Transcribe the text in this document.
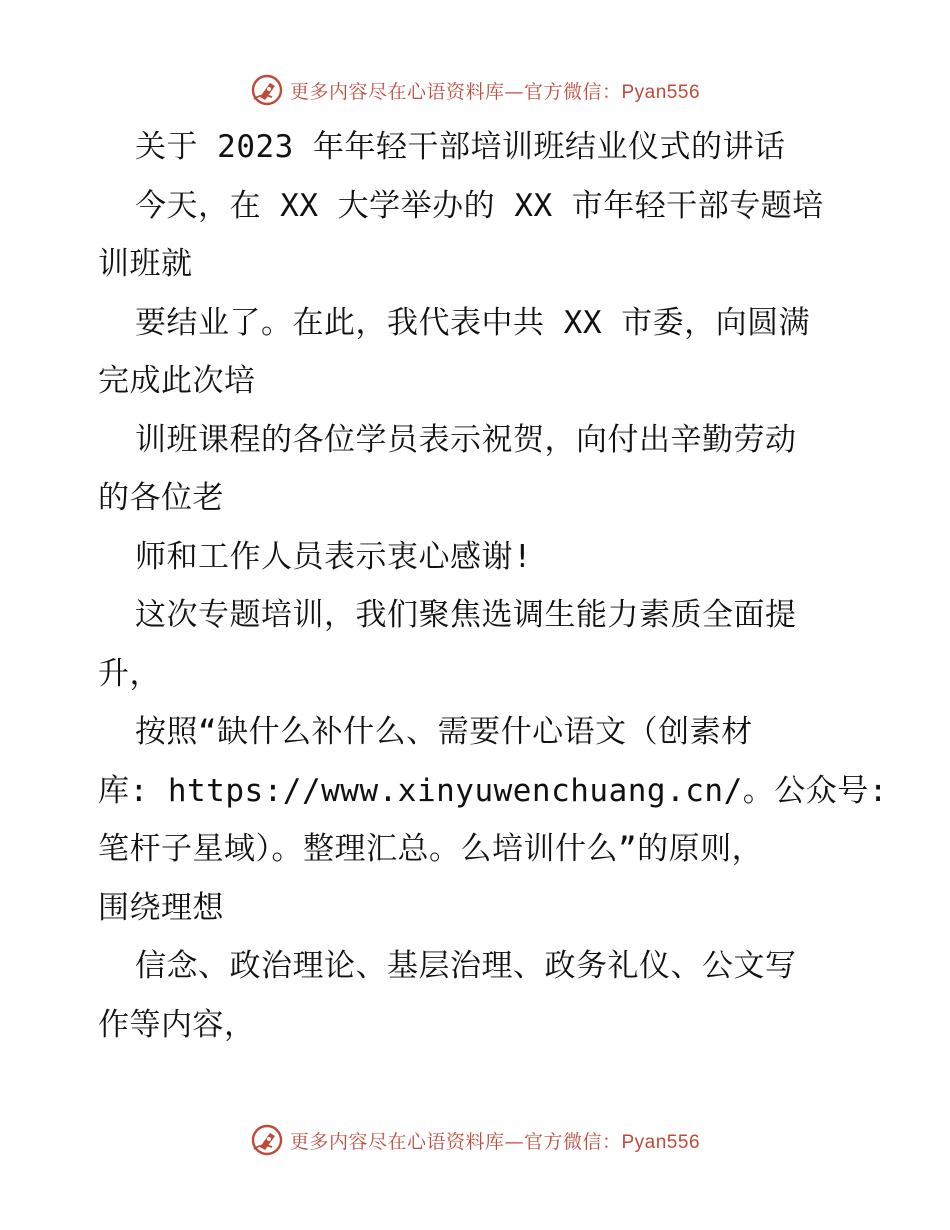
更多内容尽在心语资料库—官方微信：Pyan556
关于 2023 年年轻干部培训班结业仪式的讲话
今天，在 XX 大学举办的 XX 市年轻干部专题培
训班就
要结业了。在此，我代表中共 XX 市委，向圆满
完成此次培
训班课程的各位学员表示祝贺，向付出辛勤劳动
的各位老
师和工作人员表示衷心感谢!
这次专题培训，我们聚焦选调生能力素质全面提
升，
按照“缺什么补什么、需要什心语文（创素材
库: https://www.xinyuwenchuang.cn/。公众号:
笔杆子星域）。整理汇总。么培训什么”的原则，
围绕理想
信念、政治理论、基层治理、政务礼仪、公文写
作等内容，
更多内容尽在心语资料库—官方微信：Pyan556
